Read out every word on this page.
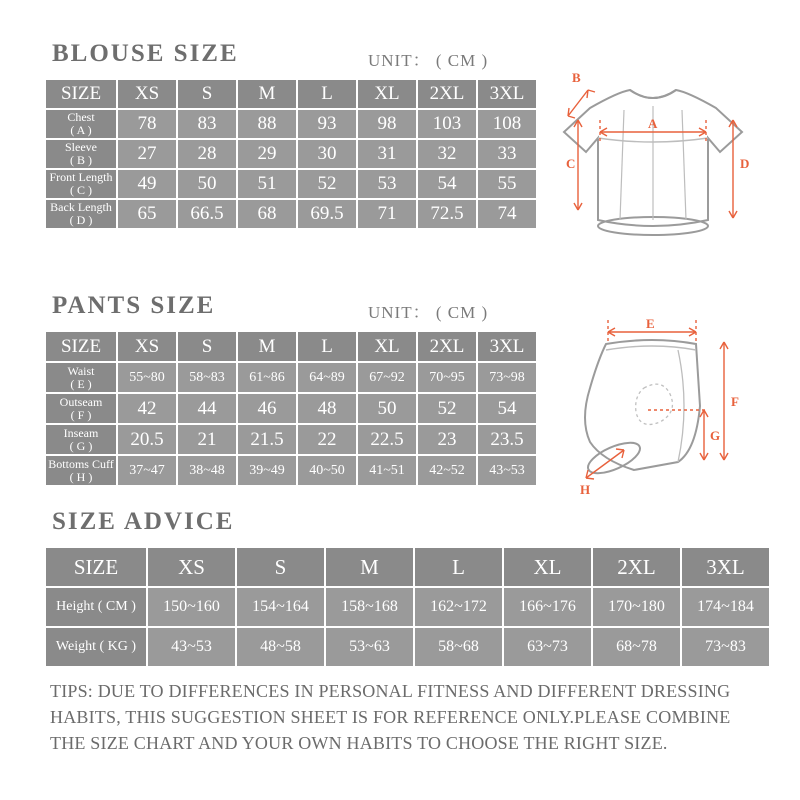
BLOUSE SIZE	UNIT： ( CM )
SIZE	XS	S	M	L	XL	2XL	3XL

Chest
( A )	78	83	88	93	98	103	108

Sleeve
( B )	27	28	29	30	31	32	33

Front Length
( C )	49	50	51	52	53	54	55

Back Length
( D )	65	66.5	68	69.5	71	72.5	74
A
B
C	D
PANTS SIZE	UNIT： ( CM )
SIZE	XS	S	M	L	XL	2XL	3XL

Waist
( E )	55~80	58~83	61~86	64~89	67~92	70~95	73~98

Outseam
( F )	42	44	46	48	50	52	54

Inseam
( G )	20.5	21	21.5	22	22.5	23	23.5

Bottoms Cuff
( H )	37~47	38~48	39~49	40~50	41~51	42~52	43~53
E
F
G
H
SIZE ADVICE
SIZE	XS	S	M	L	XL	2XL	3XL
Height ( CM )	150~160	154~164	158~168	162~172	166~176	170~180	174~184
Weight ( KG )	43~53	48~58	53~63	58~68	63~73	68~78	73~83
TIPS: DUE TO DIFFERENCES IN PERSONAL FITNESS AND DIFFERENT DRESSING HABITS, THIS SUGGESTION SHEET IS FOR REFERENCE ONLY.PLEASE COMBINE THE SIZE CHART AND YOUR OWN HABITS TO CHOOSE THE RIGHT SIZE.
